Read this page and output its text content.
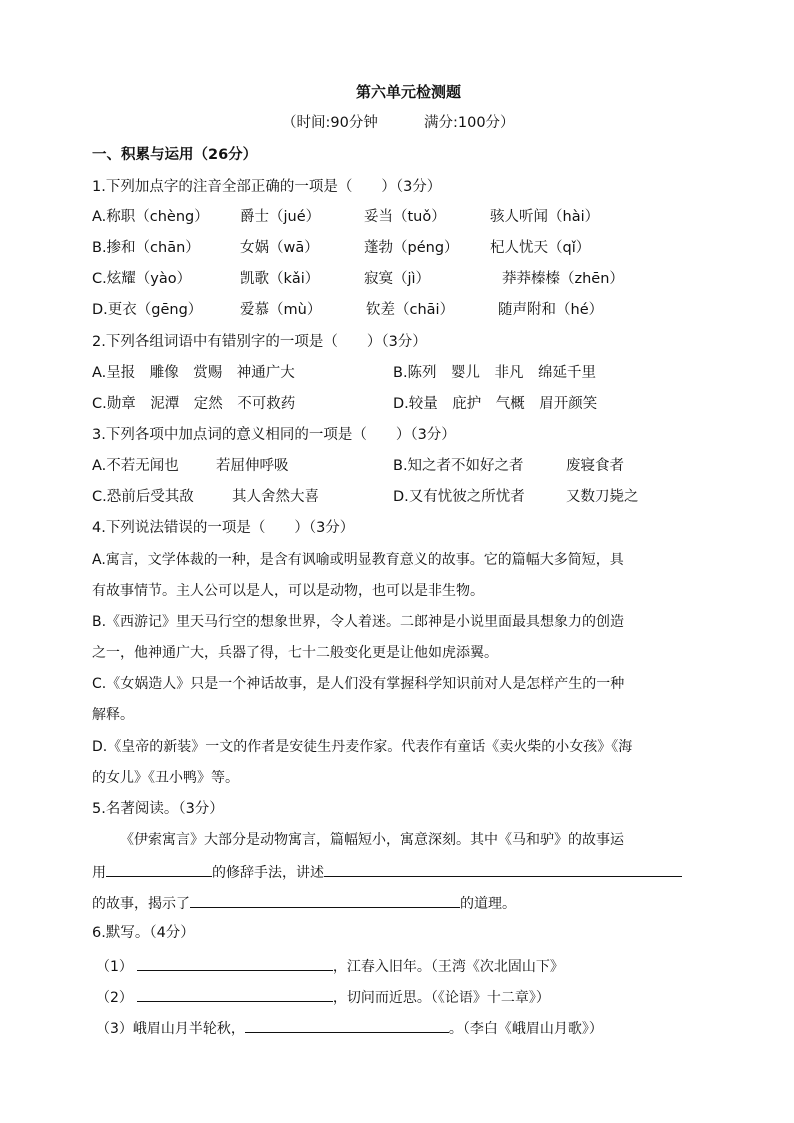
第六单元检测题
（时间:90分钟	满分:100分）
一、积累与运用（26分）
1.下列加点字的注音全部正确的一项是（　　）（3分）
A.称职（chèng） 爵士（jué）	妥当（tuǒ）	骇人听闻（hài）
B.掺和（chān）	女娲（wā）	蓬勃（péng） 杞人忧天（qǐ）
C.炫耀（yào）	凯歌（kǎi）	寂寞（jì）	莽莽榛榛（zhēn）
D.更衣（gēng）	爱慕（mù）	钦差（chāi）	随声附和（hé）
2.下列各组词语中有错别字的一项是（　　）（3分）
A.呈报　雕像　赏赐　神通广大	B.陈列　婴儿　非凡　绵延千里
C.勋章　泥潭　定然　不可救药	D.较量　庇护　气概　眉开颜笑
3.下列各项中加点词的意义相同的一项是（　　）（3分）
A.不若无闻也	若屈伸呼吸	B.知之者不如好之者	废寝食者
C.恐前后受其敌	其人舍然大喜	D.又有忧彼之所忧者	又数刀毙之
4.下列说法错误的一项是（　　）（3分）
A.寓言，文学体裁的一种，是含有讽喻或明显教育意义的故事。它的篇幅大多简短，具
有故事情节。主人公可以是人，可以是动物，也可以是非生物。
B.《西游记》里天马行空的想象世界，令人着迷。二郎神是小说里面最具想象力的创造
之一，他神通广大，兵器了得，七十二般变化更是让他如虎添翼。
C.《女娲造人》只是一个神话故事，是人们没有掌握科学知识前对人是怎样产生的一种
解释。
D.《皇帝的新装》一文的作者是安徒生丹麦作家。代表作有童话《卖火柴的小女孩》《海
的女儿》《丑小鸭》等。
5.名著阅读。（3分）
《伊索寓言》大部分是动物寓言，篇幅短小，寓意深刻。其中《马和驴》的故事运
用	的修辞手法，讲述
的故事，揭示了	的道理。
6.默写。（4分）
（1）	，江春入旧年。（王湾《次北固山下》
（2）	，切问而近思。（《论语》十二章》）
（3）峨眉山月半轮秋，	。（李白《峨眉山月歌》）
